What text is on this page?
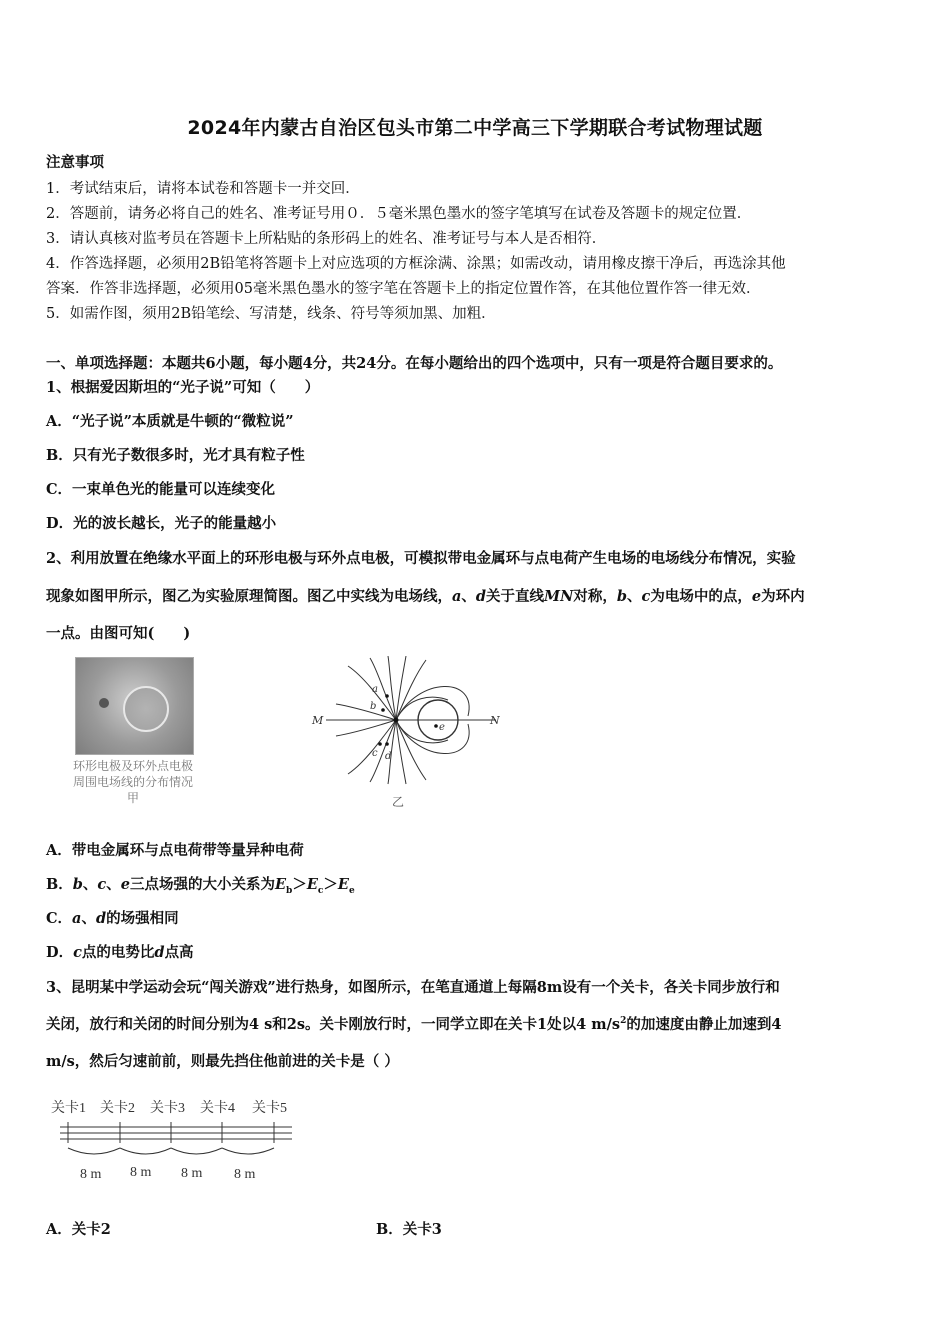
2024年内蒙古自治区包头市第二中学高三下学期联合考试物理试题
注意事项
1．考试结束后，请将本试卷和答题卡一并交回．
2．答题前，请务必将自己的姓名、准考证号用０．５毫米黑色墨水的签字笔填写在试卷及答题卡的规定位置．
3．请认真核对监考员在答题卡上所粘贴的条形码上的姓名、准考证号与本人是否相符．
4．作答选择题，必须用2B铅笔将答题卡上对应选项的方框涂满、涂黑；如需改动，请用橡皮擦干净后，再选涂其他
答案．作答非选择题，必须用05毫米黑色墨水的签字笔在答题卡上的指定位置作答，在其他位置作答一律无效．
5．如需作图，须用2B铅笔绘、写清楚，线条、符号等须加黑、加粗．
一、单项选择题：本题共6小题，每小题4分，共24分。在每小题给出的四个选项中，只有一项是符合题目要求的。
1、根据爱因斯坦的“光子说”可知（　　）
A．“光子说”本质就是牛顿的“微粒说”
B．只有光子数很多时，光才具有粒子性
C．一束单色光的能量可以连续变化
D．光的波长越长，光子的能量越小
2、利用放置在绝缘水平面上的环形电极与环外点电极，可模拟带电金属环与点电荷产生电场的电场线分布情况，实验
现象如图甲所示，图乙为实验原理简图。图乙中实线为电场线，a、d关于直线MN对称，b、c为电场中的点，e为环内
一点。由图可知(　　)
环形电极及环外点电极
周围电场线的分布情况
甲
M	N
a
b
c d
e
乙
A．带电金属环与点电荷带等量异种电荷
B．b、c、e三点场强的大小关系为$E_b>E_c>E_e$
C．a、d的场强相同
D．c点的电势比d点高
3、昆明某中学运动会玩“闯关游戏”进行热身，如图所示，在笔直通道上每隔8m设有一个关卡，各关卡同步放行和
关闭，放行和关闭的时间分别为4 s和2s。关卡刚放行时，一同学立即在关卡1处以4 $m/s^2$的加速度由静止加速到4
m/s，然后匀速前前，则最先挡住他前进的关卡是（ ）
关卡1 关卡2 关卡3 关卡4 关卡5
8 m 8 m 8 m 8 m
A．关卡2	B．关卡3
